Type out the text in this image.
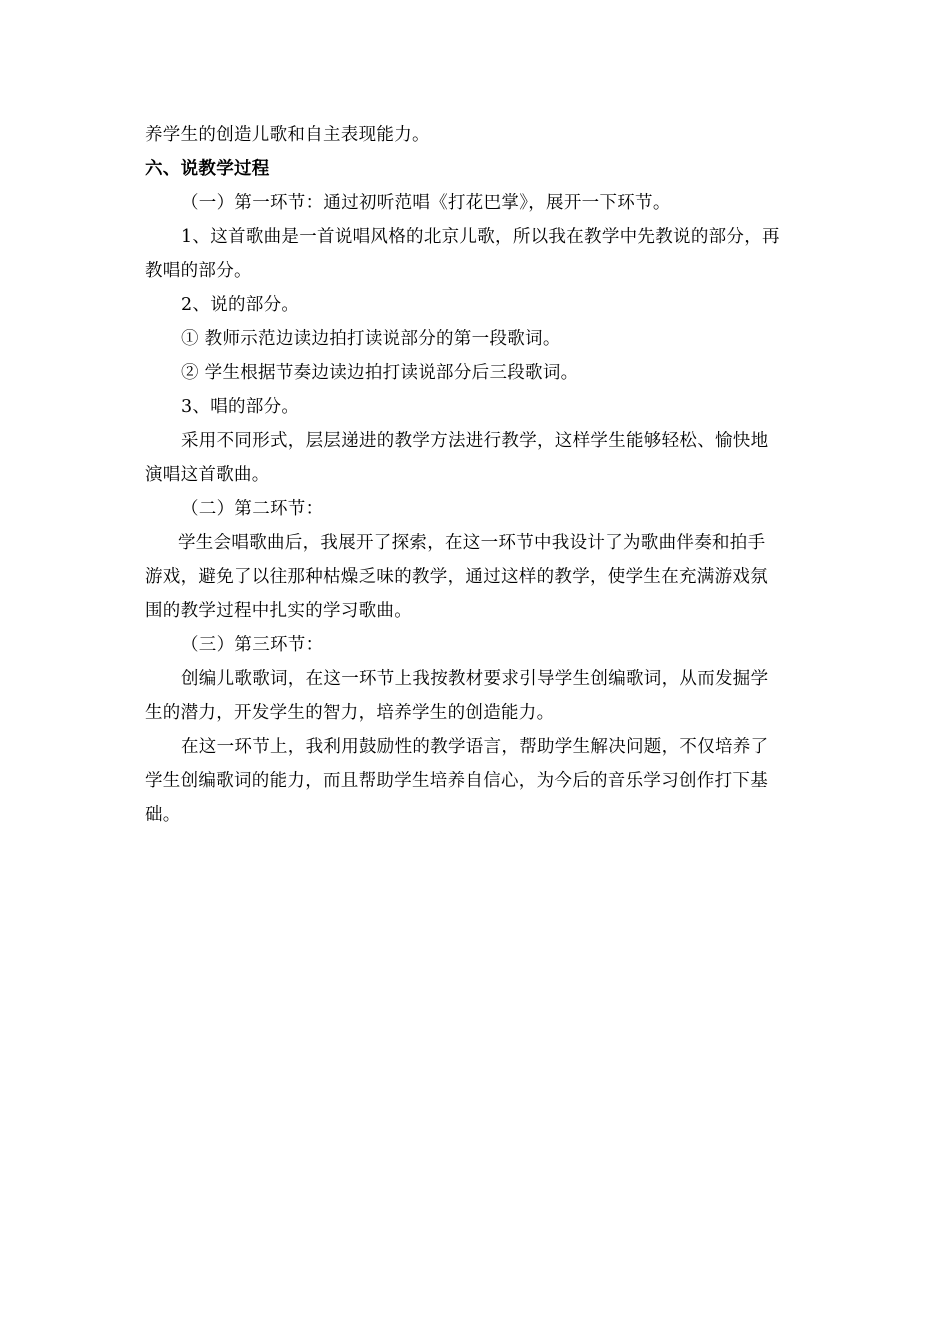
养学生的创造儿歌和自主表现能力。
六、说教学过程
（一）第一环节：通过初听范唱《打花巴掌》，展开一下环节。
1、这首歌曲是一首说唱风格的北京儿歌，所以我在教学中先教说的部分，再
教唱的部分。
2、说的部分。
① 教师示范边读边拍打读说部分的第一段歌词。
② 学生根据节奏边读边拍打读说部分后三段歌词。
3、唱的部分。
采用不同形式，层层递进的教学方法进行教学，这样学生能够轻松、愉快地
演唱这首歌曲。
（二）第二环节：
学生会唱歌曲后，我展开了探索，在这一环节中我设计了为歌曲伴奏和拍手
游戏，避免了以往那种枯燥乏味的教学，通过这样的教学，使学生在充满游戏氛
围的教学过程中扎实的学习歌曲。
（三）第三环节：
创编儿歌歌词，在这一环节上我按教材要求引导学生创编歌词，从而发掘学
生的潜力，开发学生的智力，培养学生的创造能力。
在这一环节上，我利用鼓励性的教学语言，帮助学生解决问题，不仅培养了
学生创编歌词的能力，而且帮助学生培养自信心，为今后的音乐学习创作打下基
础。
